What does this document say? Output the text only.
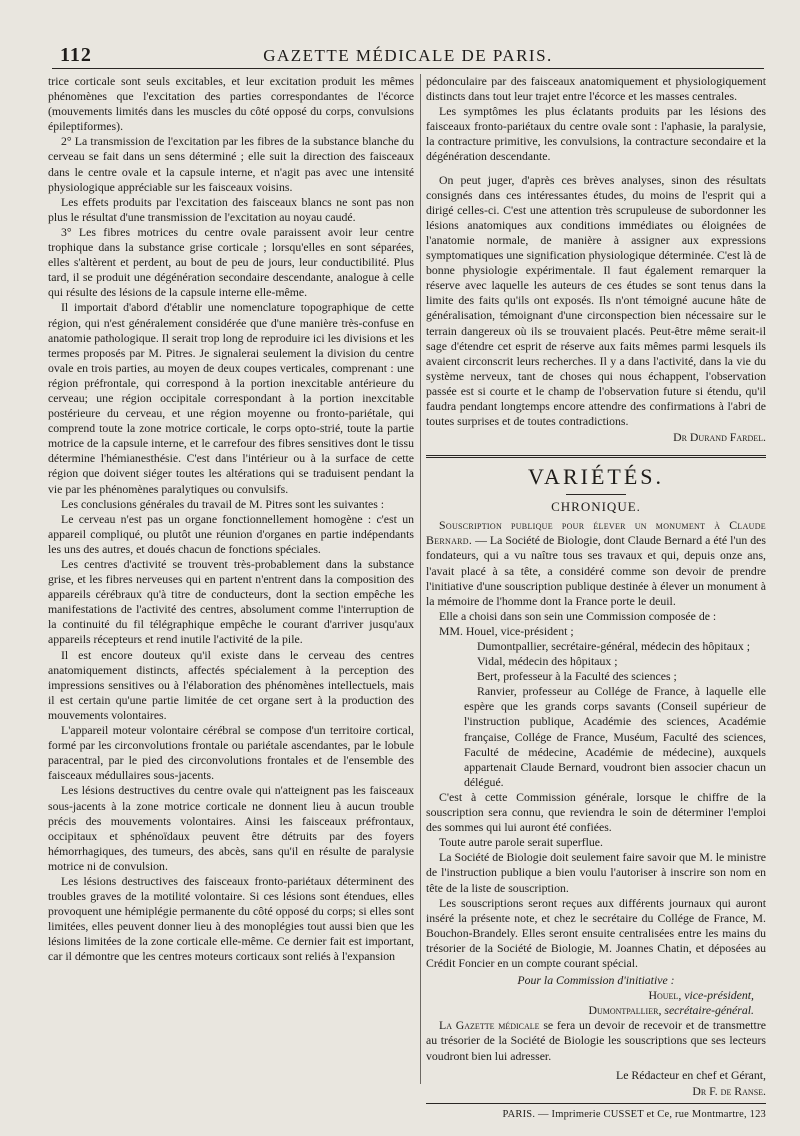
112	GAZETTE MÉDICALE DE PARIS.

trice corticale sont seuls excitables, et leur excitation produit les mêmes phénomènes que l'excitation des parties correspondantes de l'écorce (mouvements limités dans les muscles du côté opposé du corps, convulsions épileptiformes).

2° La transmission de l'excitation par les fibres de la substance blanche du cerveau se fait dans un sens déterminé ; elle suit la direction des faisceaux dans le centre ovale et la capsule interne, et n'agit pas avec une intensité physiologique appréciable sur les faisceaux voisins.

Les effets produits par l'excitation des faisceaux blancs ne sont pas non plus le résultat d'une transmission de l'excitation au noyau caudé.

3° Les fibres motrices du centre ovale paraissent avoir leur centre trophique dans la substance grise corticale ; lorsqu'elles en sont séparées, elles s'altèrent et perdent, au bout de peu de jours, leur conductibilité. Plus tard, il se produit une dégénération secondaire descendante, analogue à celle qui résulte des lésions de la capsule interne elle-même.

Il importait d'abord d'établir une nomenclature topographique de cette région, qui n'est généralement considérée que d'une manière très-confuse en anatomie pathologique. Il serait trop long de reproduire ici les divisions et les termes proposés par M. Pitres. Je signalerai seulement la division du centre ovale en trois parties, au moyen de deux coupes verticales, comprenant : une région préfrontale, qui correspond à la portion inexcitable antérieure du cerveau; une région occipitale correspondant à la portion inexcitable postérieure du cerveau, et une région moyenne ou fronto-pariétale, qui comprend toute la zone motrice corticale, le corps opto-strié, toute la partie motrice de la capsule interne, et le carrefour des fibres sensitives dont le tissu détermine l'hémianesthésie. C'est dans l'intérieur ou à la surface de cette région que doivent siéger toutes les altérations qui se traduisent pendant la vie par les phénomènes paralytiques ou convulsifs.

Les conclusions générales du travail de M. Pitres sont les suivantes :

Le cerveau n'est pas un organe fonctionnellement homogène : c'est un appareil compliqué, ou plutôt une réunion d'organes en partie indépendants les uns des autres, et doués chacun de fonctions spéciales.

Les centres d'activité se trouvent très-probablement dans la substance grise, et les fibres nerveuses qui en partent n'entrent dans la composition des appareils cérébraux qu'à titre de conducteurs, dont la section empêche les manifestations de l'activité des centres, absolument comme l'interruption de la continuité du fil télégraphique empêche le courant d'arriver jusqu'aux appareils récepteurs et rend inutile l'activité de la pile.

Il est encore douteux qu'il existe dans le cerveau des centres anatomiquement distincts, affectés spécialement à la perception des impressions sensitives ou à l'élaboration des phénomènes intellectuels, mais il est certain qu'une partie limitée de cet organe sert à la production des mouvements volontaires.

L'appareil moteur volontaire cérébral se compose d'un territoire cortical, formé par les circonvolutions frontale ou pariétale ascendantes, par le lobule paracentral, par le pied des circonvolutions frontales et de l'ensemble des faisceaux médullaires sous-jacents.

Les lésions destructives du centre ovale qui n'atteignent pas les faisceaux sous-jacents à la zone motrice corticale ne donnent lieu à aucun trouble précis des mouvements volontaires. Ainsi les faisceaux préfrontaux, occipitaux et sphénoïdaux peuvent être détruits par des foyers hémorrhagiques, des tumeurs, des abcès, sans qu'il en résulte de paralysie motrice ni de convulsion.

Les lésions destructives des faisceaux fronto-pariétaux déterminent des troubles graves de la motilité volontaire. Si ces lésions sont étendues, elles provoquent une hémiplégie permanente du côté opposé du corps; si elles sont limitées, elles peuvent donner lieu à des monoplégies tout aussi bien que les lésions limitées de la zone corticale elle-même. Ce dernier fait est important, car il démontre que les centres moteurs corticaux sont reliés à l'expansion

pédonculaire par des faisceaux anatomiquement et physiologiquement distincts dans tout leur trajet entre l'écorce et les masses centrales.

Les symptômes les plus éclatants produits par les lésions des faisceaux fronto-pariétaux du centre ovale sont : l'aphasie, la paralysie, la contracture primitive, les convulsions, la contracture secondaire et la dégénération descendante.

On peut juger, d'après ces brèves analyses, sinon des résultats consignés dans ces intéressantes études, du moins de l'esprit qui a dirigé celles-ci. C'est une attention très scrupuleuse de subordonner les lésions anatomiques aux conditions immédiates ou éloignées de l'anatomie normale, de manière à assigner aux expressions symptomatiques une signification physiologique déterminée. C'est là de bonne physiologie expérimentale. Il faut également remarquer la réserve avec laquelle les auteurs de ces études se sont tenus dans la limite des faits qu'ils ont exposés. Ils n'ont témoigné aucune hâte de généralisation, témoignant d'une circonspection bien nécessaire sur le terrain dangereux où ils se trouvaient placés. Peut-être même serait-il sage d'étendre cet esprit de réserve aux faits mêmes parmi lesquels ils avaient circonscrit leurs recherches. Il y a dans l'activité, dans la vie du système nerveux, tant de choses qui nous échappent, l'observation passée est si courte et le champ de l'observation future si étendu, qu'il faudra pendant longtemps encore attendre des confirmations à l'abri de toutes surprises et de toutes contradictions.

Dr Durand Fardel.
VARIÉTÉS.
CHRONIQUE.

Souscription publique pour élever un monument à Claude Bernard. — La Société de Biologie, dont Claude Bernard a été l'un des fondateurs, qui a vu naître tous ses travaux et qui, depuis onze ans, l'avait placé à sa tête, a considéré comme son devoir de prendre l'initiative d'une souscription publique destinée à élever un monument à la mémoire de l'homme dont la France porte le deuil.

Elle a choisi dans son sein une Commission composée de :

MM. Houel, vice-président ;

Dumontpallier, secrétaire-général, médecin des hôpitaux ;

Vidal, médecin des hôpitaux ;

Bert, professeur à la Faculté des sciences ;

Ranvier, professeur au Collége de France, à laquelle elle espère que les grands corps savants (Conseil supérieur de l'instruction publique, Académie des sciences, Académie française, Collége de France, Muséum, Faculté des sciences, Faculté de médecine, Académie de médecine), auxquels appartenait Claude Bernard, voudront bien associer chacun un délégué.

C'est à cette Commission générale, lorsque le chiffre de la souscription sera connu, que reviendra le soin de déterminer l'emploi des sommes qui lui auront été confiées.

Toute autre parole serait superflue.

La Société de Biologie doit seulement faire savoir que M. le ministre de l'instruction publique a bien voulu l'autoriser à inscrire son nom en tête de la liste de souscription.

Les souscriptions seront reçues aux différents journaux qui auront inséré la présente note, et chez le secrétaire du Collége de France, M. Bouchon-Brandely. Elles seront ensuite centralisées entre les mains du trésorier de la Société de Biologie, M. Joannes Chatin, et déposées au Crédit Foncier en un compte courant spécial.

Pour la Commission d'initiative :
Houel, vice-président,
Dumontpallier, secrétaire-général.

La Gazette médicale se fera un devoir de recevoir et de transmettre au trésorier de la Société de Biologie les souscriptions que ses lecteurs voudront bien lui adresser.

Le Rédacteur en chef et Gérant,
Dr F. de Ranse.
PARIS. — Imprimerie CUSSET et Ce, rue Montmartre, 123
